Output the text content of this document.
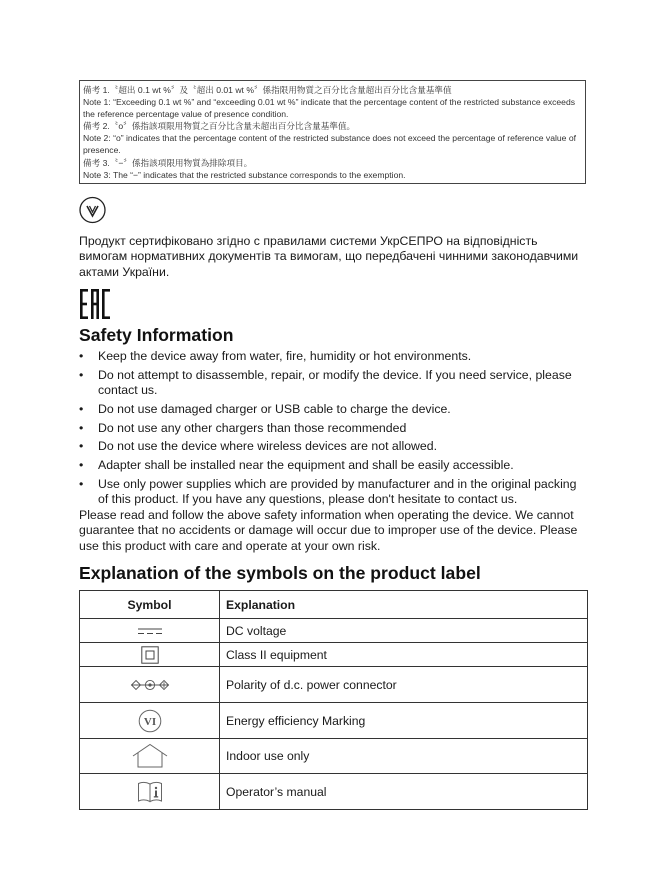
備考 1.〝超出 0.1 wt %〞及〝超出 0.01 wt %〞係指限用物質之百分比含量超出百分比含量基準值
Note 1: “Exceeding 0.1 wt %” and “exceeding 0.01 wt %” indicate that the percentage content of the restricted substance exceeds the reference percentage value of presence condition.
備考 2.〝o〞係指該項限用物質之百分比含量未超出百分比含量基準值。
Note 2: “o” indicates that the percentage content of the restricted substance does not exceed the percentage of reference value of presence.
備考 3.〝−〞係指該項限用物質為排除項目。
Note 3: The “−” indicates that the restricted substance corresponds to the exemption.
Продукт сертифіковано згідно с правилами системи УкрСЕПРО на відповідність вимогам нормативних документів та вимогам, що передбачені чинними законодавчими актами України.
Safety Information
• Keep the device away from water, fire, humidity or hot environments.
• Do not attempt to disassemble, repair, or modify the device. If you need service, please contact us.
• Do not use damaged charger or USB cable to charge the device.
• Do not use any other chargers than those recommended
• Do not use the device where wireless devices are not allowed.
• Adapter shall be installed near the equipment and shall be easily accessible.
• Use only power supplies which are provided by manufacturer and in the original packing of this product. If you have any questions, please don't hesitate to contact us.
Please read and follow the above safety information when operating the device. We cannot guarantee that no accidents or damage will occur due to improper use of the device. Please use this product with care and operate at your own risk.
Explanation of the symbols on the product label
Symbol	Explanation

	DC voltage

	Class II equipment

	Polarity of d.c. power connector

VI	Energy efficiency Marking

	Indoor use only

	Operator’s manual
